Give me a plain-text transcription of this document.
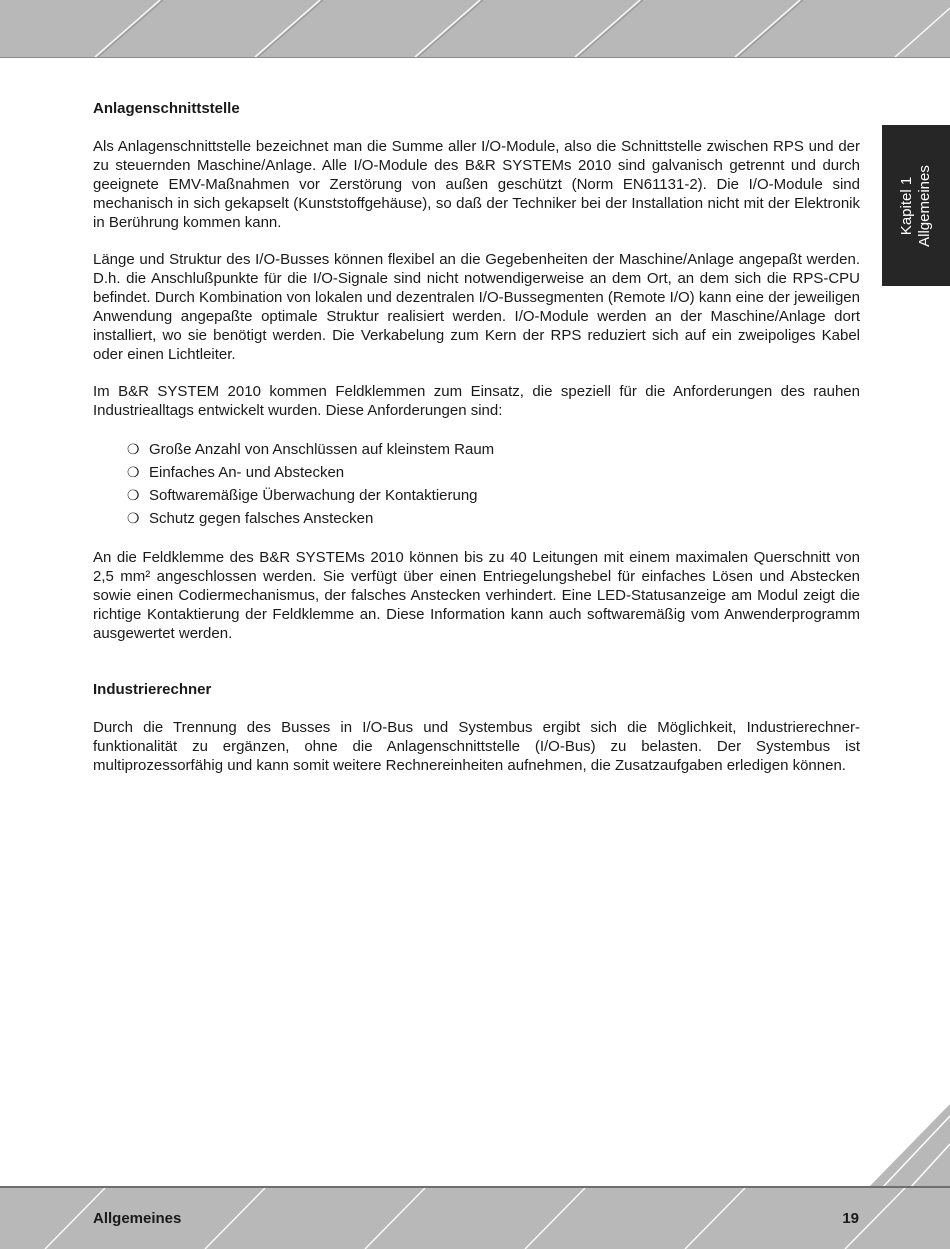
Kapitel 1 Allgemeines
Anlagenschnittstelle

Als Anlagenschnittstelle bezeichnet man die Summe aller I/O-Module, also die Schnittstelle zwischen RPS und der zu steuernden Maschine/Anlage. Alle I/O-Module des B&R SYSTEMs 2010 sind galvanisch getrennt und durch geeignete EMV-Maßnahmen vor Zerstörung von außen geschützt (Norm EN61131-2). Die I/O-Module sind mechanisch in sich gekapselt (Kunststoffgehäuse), so daß der Techniker bei der Installation nicht mit der Elektronik in Berührung kommen kann.

Länge und Struktur des I/O-Busses können flexibel an die Gegebenheiten der Maschine/Anlage angepaßt werden. D.h. die Anschlußpunkte für die I/O-Signale sind nicht notwendigerweise an dem Ort, an dem sich die RPS-CPU befindet. Durch Kombination von lokalen und dezentralen I/O-Bussegmenten (Remote I/O) kann eine der jeweiligen Anwendung angepaßte optimale Struktur realisiert werden. I/O-Module werden an der Maschine/Anlage dort installiert, wo sie benötigt werden. Die Verkabelung zum Kern der RPS reduziert sich auf ein zweipoliges Kabel oder einen Lichtleiter.

Im B&R SYSTEM 2010 kommen Feldklemmen zum Einsatz, die speziell für die Anforderungen des rauhen Industriealltags entwickelt wurden. Diese Anforderungen sind:

❍ Große Anzahl von Anschlüssen auf kleinstem Raum
❍ Einfaches An- und Abstecken
❍ Softwaremäßige Überwachung der Kontaktierung
❍ Schutz gegen falsches Anstecken

An die Feldklemme des B&R SYSTEMs 2010 können bis zu 40 Leitungen mit einem maximalen Querschnitt von 2,5 mm² angeschlossen werden. Sie verfügt über einen Entriegelungshebel für einfaches Lösen und Abstecken sowie einen Codiermechanismus, der falsches Anstecken verhindert. Eine LED-Statusanzeige am Modul zeigt die richtige Kontaktierung der Feldklemme an. Diese Information kann auch softwaremäßig vom Anwenderprogramm ausgewertet werden.

Industrierechner

Durch die Trennung des Busses in I/O-Bus und Systembus ergibt sich die Möglichkeit, Industrierechner-funktionalität zu ergänzen, ohne die Anlagenschnittstelle (I/O-Bus) zu belasten. Der Systembus ist multiprozessorfähig und kann somit weitere Rechnereinheiten aufnehmen, die Zusatzaufgaben erledigen können.

Allgemeines	19
